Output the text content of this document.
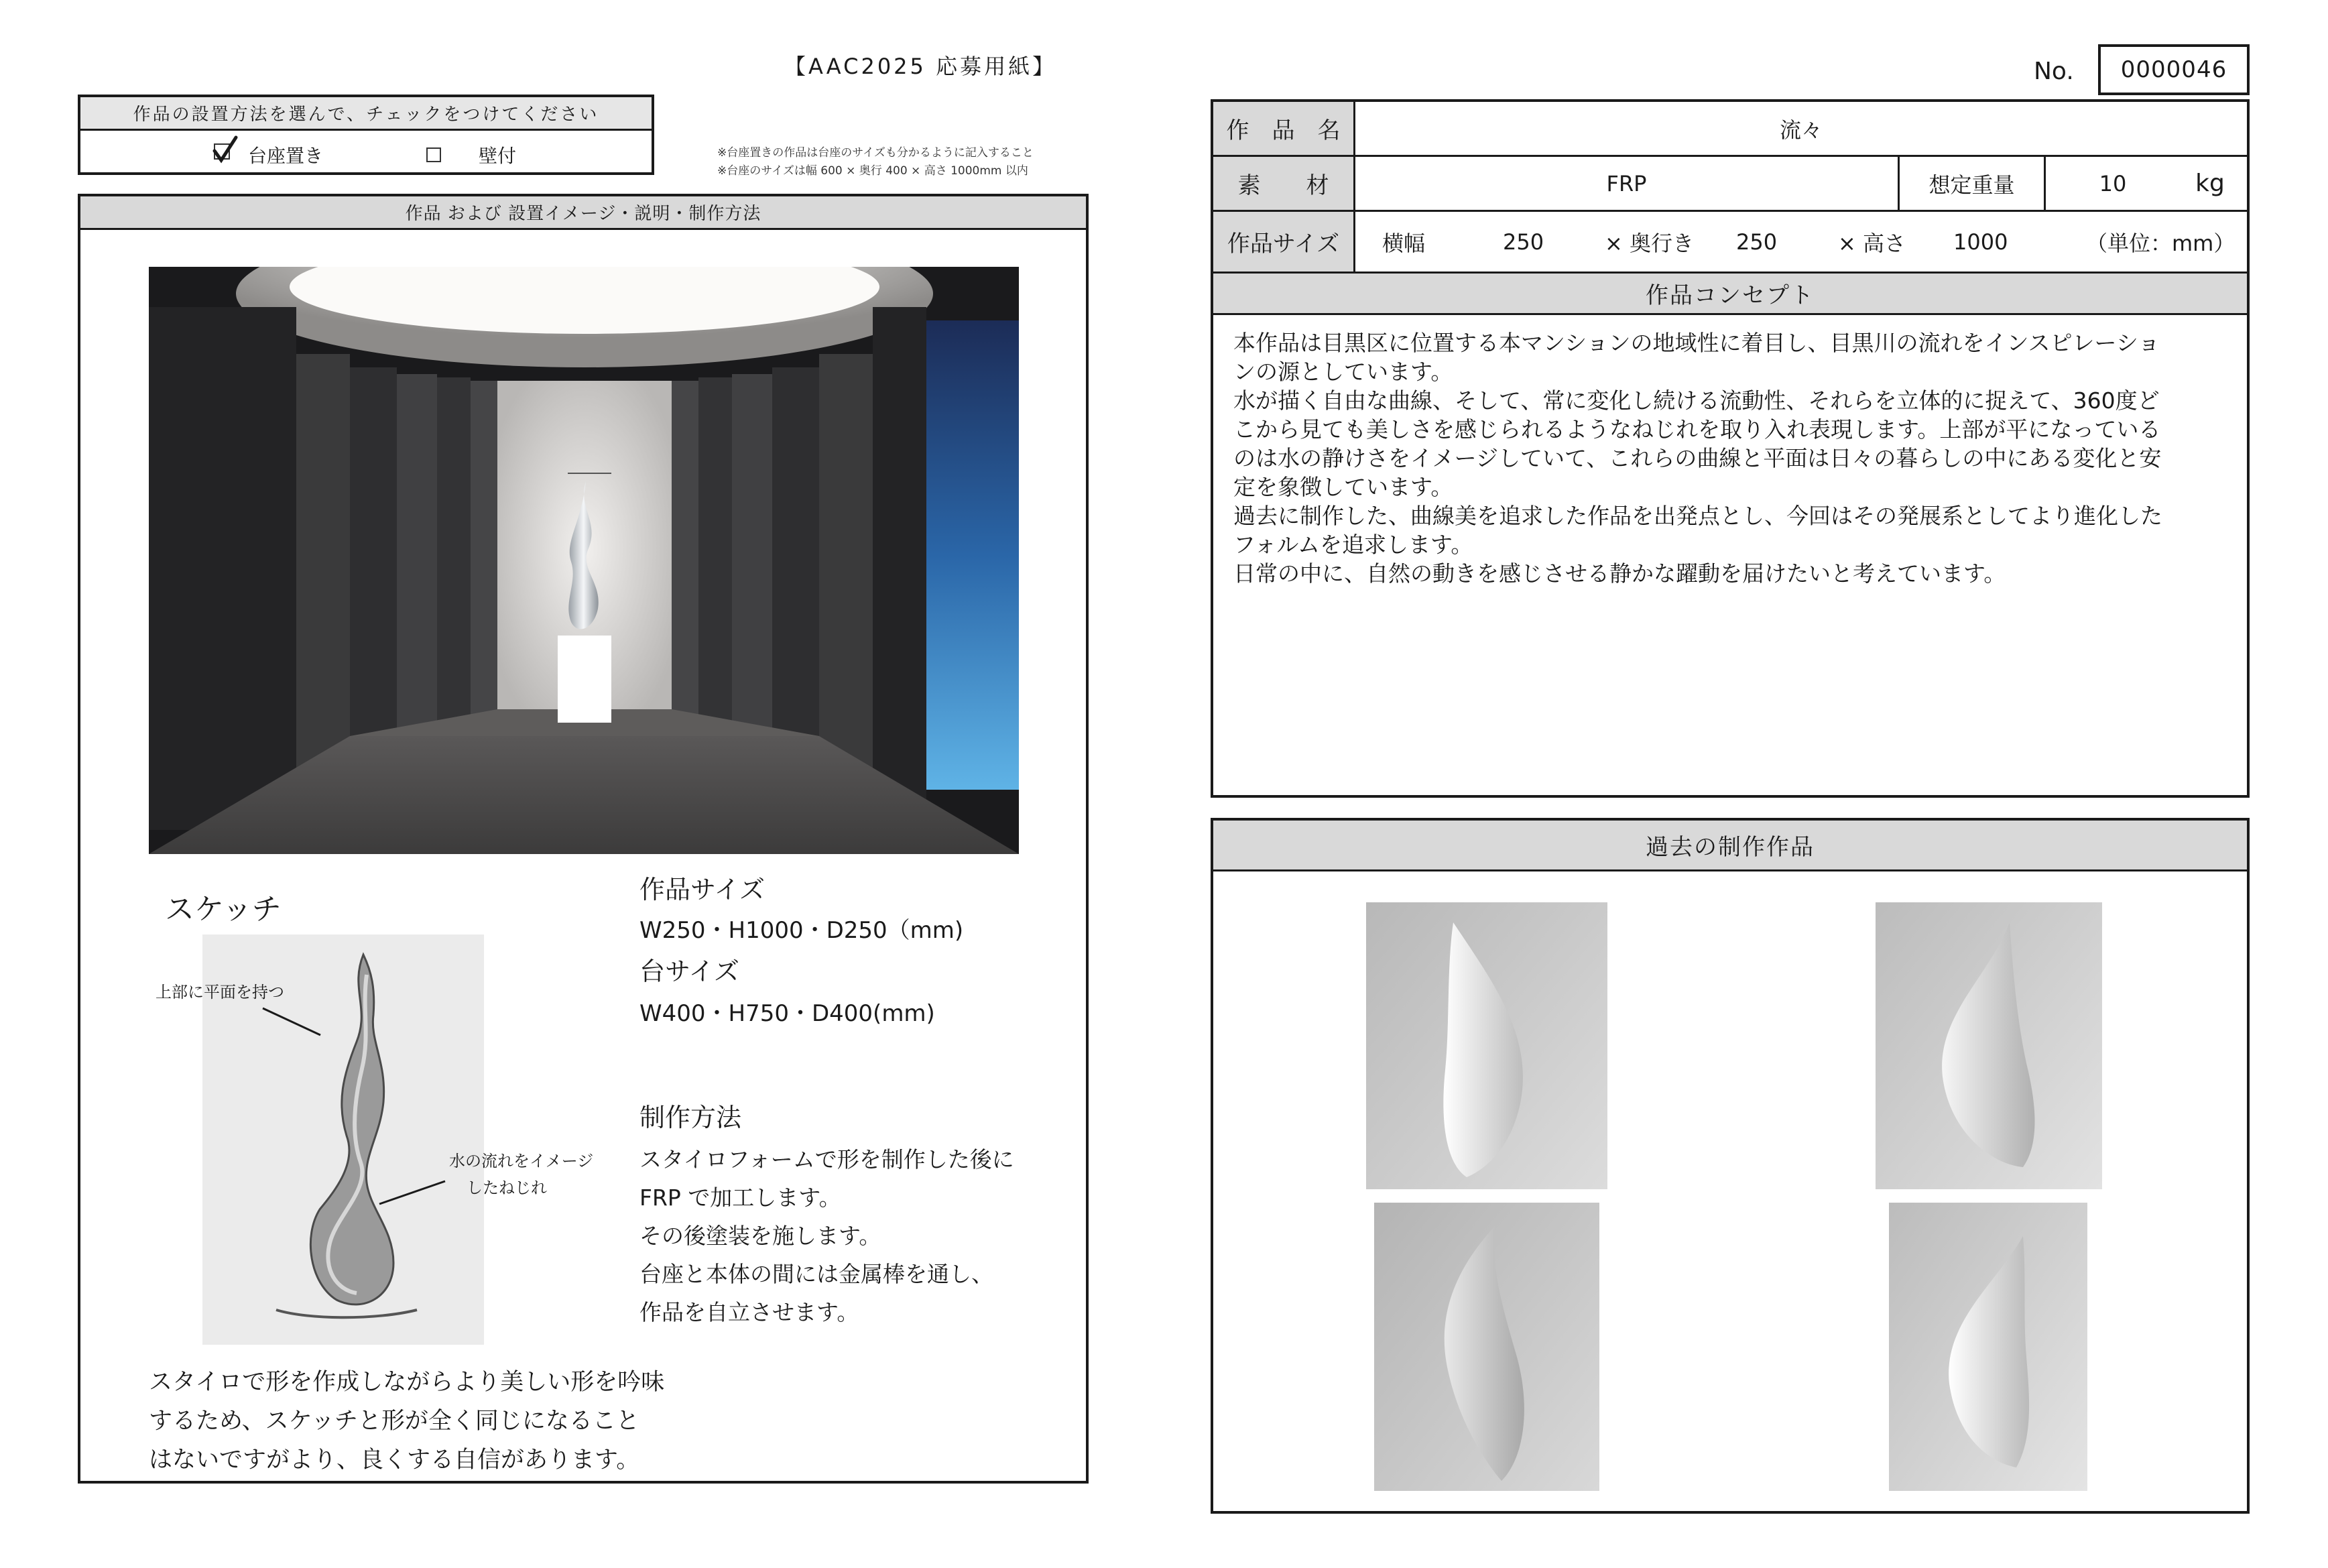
【AAC2025 応募用紙】	No.	0000046
作品の設置方法を選んで、チェックをつけてください
台座置き	壁付	※台座置きの作品は台座のサイズも分かるように記入すること
※台座のサイズは幅 600 × 奥行 400 × 高さ 1000mm 以内
作品 および 設置イメージ・説明・制作方法
スケッチ
上部に平面を持つ
水の流れをイメージ
したねじれ
作品サイズ
W250・H1000・D250（mm)
台サイズ
W400・H750・D400(mm)
制作方法
スタイロフォームで形を制作した後に
FRP で加工します。
その後塗装を施します。
台座と本体の間には金属棒を通し、
作品を自立させます。
スタイロで形を作成しながらより美しい形を吟味
するため、スケッチと形が全く同じになること
はないですがより、良くする自信があります。
作　品　名	流々
素　　材	FRP	想定重量	10	kg
作品サイズ	横幅	250	× 奥行き 250	× 高さ 1000	（単位：mm）
作品コンセプト

本作品は目黒区に位置する本マンションの地域性に着目し、目黒川の流れをインスピレーショ

ンの源としています。

水が描く自由な曲線、そして、常に変化し続ける流動性、それらを立体的に捉えて、360度ど

こから見ても美しさを感じられるようなねじれを取り入れ表現します。上部が平になっている

のは水の静けさをイメージしていて、これらの曲線と平面は日々の暮らしの中にある変化と安

定を象徴しています。

過去に制作した、曲線美を追求した作品を出発点とし、今回はその発展系としてより進化した

フォルムを追求します。

日常の中に、自然の動きを感じさせる静かな躍動を届けたいと考えています。

過去の制作作品
